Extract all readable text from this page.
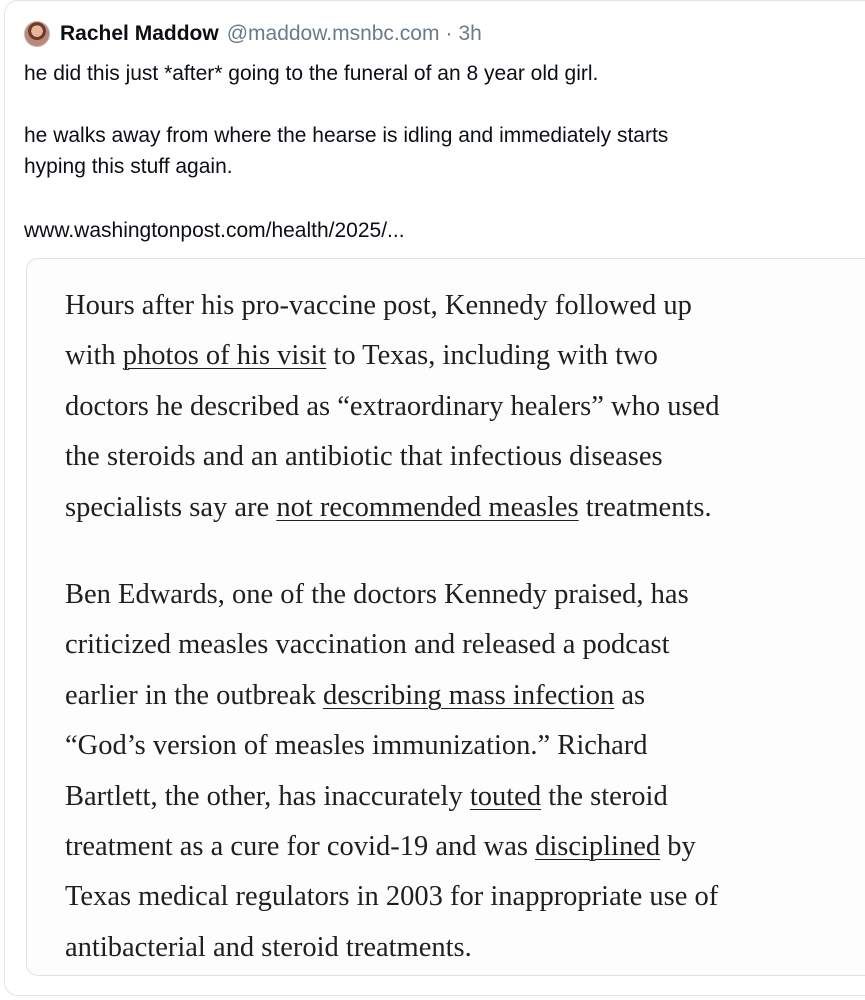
Rachel Maddow @maddow.msnbc.com · 3h

he did this just *after* going to the funeral of an 8 year old girl.

he walks away from where the hearse is idling and immediately starts

hyping this stuff again.

www.washingtonpost.com/health/2025/...
Hours after his pro-vaccine post, Kennedy followed up
with photos of his visit to Texas, including with two
doctors he described as “extraordinary healers” who used
the steroids and an antibiotic that infectious diseases
specialists say are not recommended measles treatments.
Ben Edwards, one of the doctors Kennedy praised, has
criticized measles vaccination and released a podcast
earlier in the outbreak describing mass infection as
“God’s version of measles immunization.” Richard
Bartlett, the other, has inaccurately touted the steroid
treatment as a cure for covid-19 and was disciplined by
Texas medical regulators in 2003 for inappropriate use of
antibacterial and steroid treatments.
